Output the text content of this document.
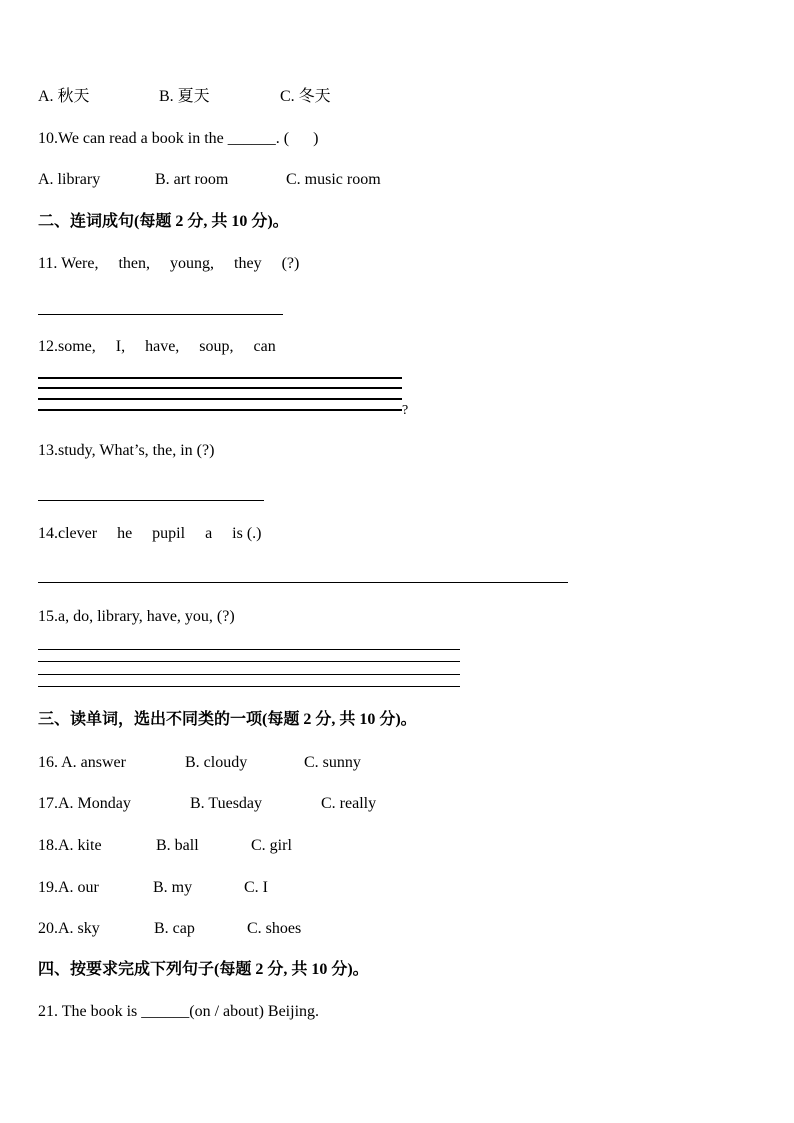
A. 秋天

	B. 夏天

	C. 冬天

10.We can read a book in the ______. (      )

A. library

	B. art room

	C. music room

二、连词成句(每题 2 分, 共 10 分)。
11. Were,     then,     young,     they     (?)
12.some,     I,     have,     soup,     can
?
13.study, What’s, the, in (?)
14.clever     he     pupil     a     is (.)
15.a, do, library, have, you, (?)
三、读单词，选出不同类的一项(每题 2 分, 共 10 分)。

16. A. answer

	B. cloudy

	C. sunny

17.A. Monday

	B. Tuesday

	C. really

18.A. kite

	B. ball

	C. girl

19.A. our

	B. my

	C. I

20.A. sky

	B. cap

	C. shoes

四、按要求完成下列句子(每题 2 分, 共 10 分)。
21. The book is ______(on / about) Beijing.
